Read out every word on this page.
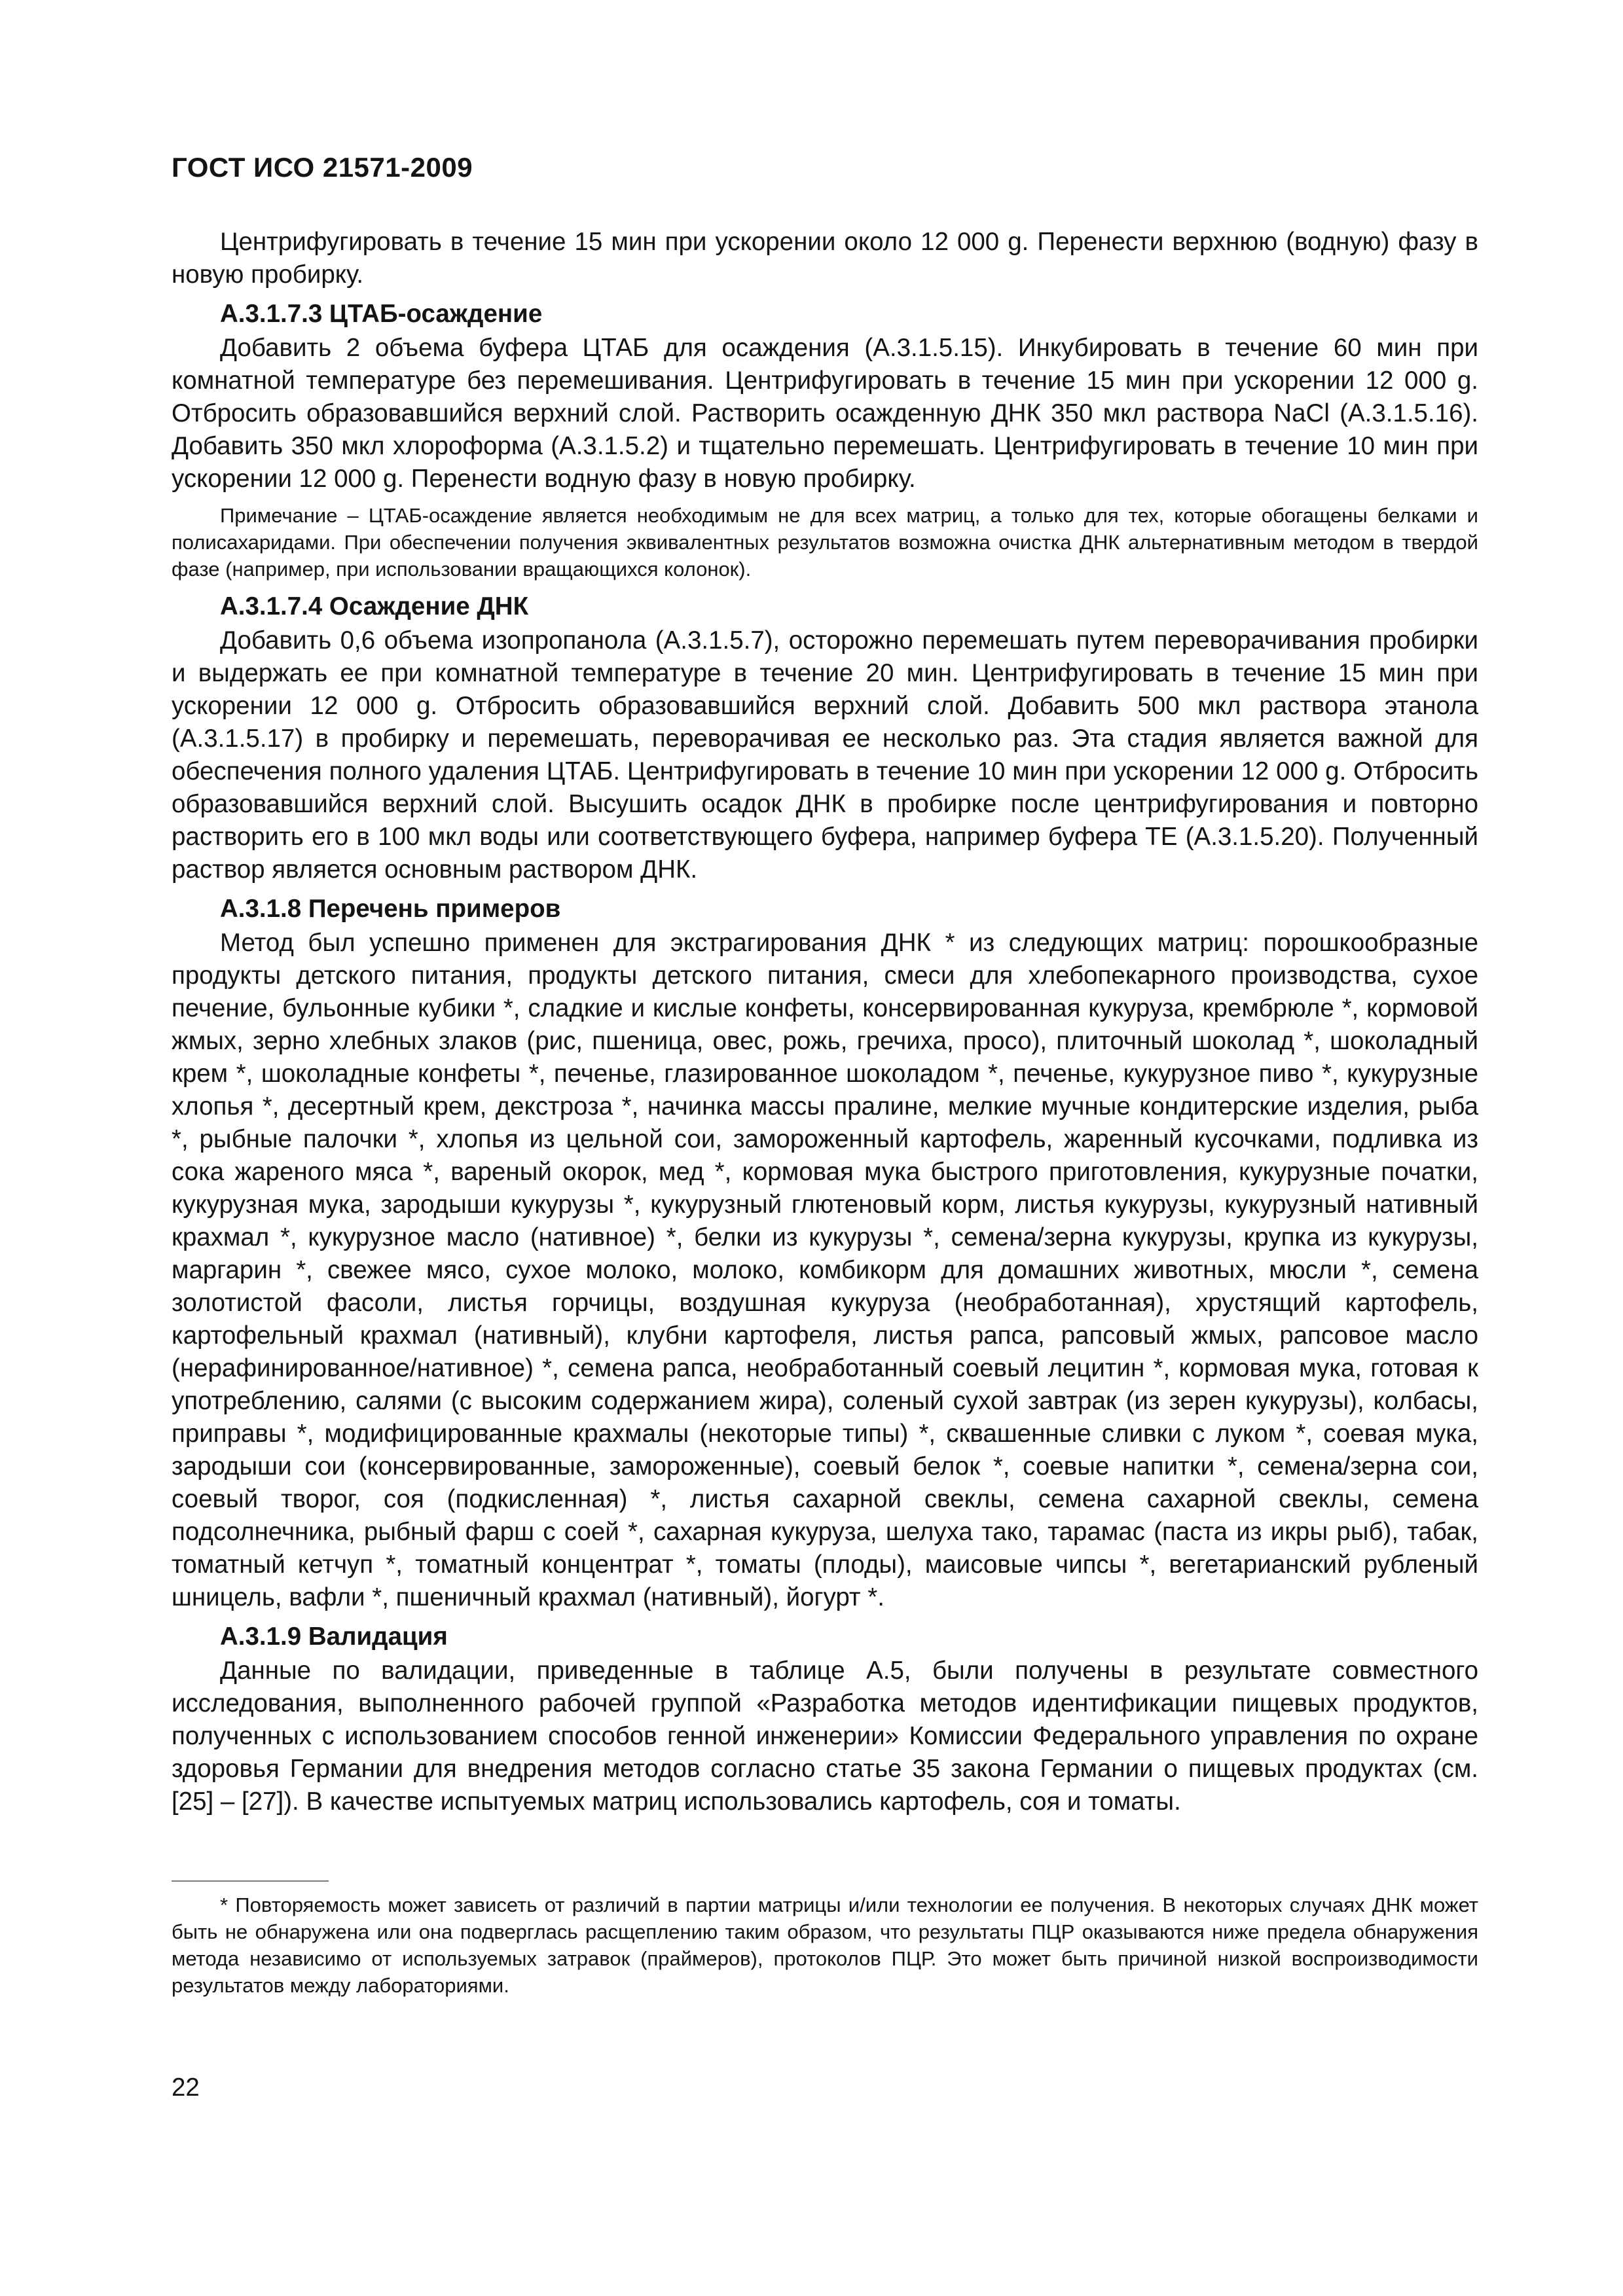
ГОСТ ИСО 21571-2009

Центрифугировать в течение 15 мин при ускорении около 12 000 g. Перенести верхнюю (водную) фазу в новую пробирку.

А.3.1.7.3 ЦТАБ-осаждение

Добавить 2 объема буфера ЦТАБ для осаждения (А.3.1.5.15). Инкубировать в течение 60 мин при комнатной температуре без перемешивания. Центрифугировать в течение 15 мин при ускорении 12 000 g. Отбросить образовавшийся верхний слой. Растворить осажденную ДНК 350 мкл раствора NaCl (А.3.1.5.16). Добавить 350 мкл хлороформа (А.3.1.5.2) и тщательно перемешать. Центрифугировать в течение 10 мин при ускорении 12 000 g. Перенести водную фазу в новую пробирку.

Примечание – ЦТАБ-осаждение является необходимым не для всех матриц, а только для тех, которые обогащены белками и полисахаридами. При обеспечении получения эквивалентных результатов возможна очистка ДНК альтернативным методом в твердой фазе (например, при использовании вращающихся колонок).

А.3.1.7.4 Осаждение ДНК

Добавить 0,6 объема изопропанола (А.3.1.5.7), осторожно перемешать путем переворачивания пробирки и выдержать ее при комнатной температуре в течение 20 мин. Центрифугировать в течение 15 мин при ускорении 12 000 g. Отбросить образовавшийся верхний слой. Добавить 500 мкл раствора этанола (А.3.1.5.17) в пробирку и перемешать, переворачивая ее несколько раз. Эта стадия является важной для обеспечения полного удаления ЦТАБ. Центрифугировать в течение 10 мин при ускорении 12 000 g. Отбросить образовавшийся верхний слой. Высушить осадок ДНК в пробирке после центрифугирования и повторно растворить его в 100 мкл воды или соответствующего буфера, например буфера ТЕ (А.3.1.5.20). Полученный раствор является основным раствором ДНК.

А.3.1.8 Перечень примеров

Метод был успешно применен для экстрагирования ДНК * из следующих матриц: порошкообразные продукты детского питания, продукты детского питания, смеси для хлебопекарного производства, сухое печение, бульонные кубики *, сладкие и кислые конфеты, консервированная кукуруза, крембрюле *, кормовой жмых, зерно хлебных злаков (рис, пшеница, овес, рожь, гречиха, просо), плиточный шоколад *, шоколадный крем *, шоколадные конфеты *, печенье, глазированное шоколадом *, печенье, кукурузное пиво *, кукурузные хлопья *, десертный крем, декстроза *, начинка массы пралине, мелкие мучные кондитерские изделия, рыба *, рыбные палочки *, хлопья из цельной сои, замороженный картофель, жаренный кусочками, подливка из сока жареного мяса *, вареный окорок, мед *, кормовая мука быстрого приготовления, кукурузные початки, кукурузная мука, зародыши кукурузы *, кукурузный глютеновый корм, листья кукурузы, кукурузный нативный крахмал *, кукурузное масло (нативное) *, белки из кукурузы *, семена/зерна кукурузы, крупка из кукурузы, маргарин *, свежее мясо, сухое молоко, молоко, комбикорм для домашних животных, мюсли *, семена золотистой фасоли, листья горчицы, воздушная кукуруза (необработанная), хрустящий картофель, картофельный крахмал (нативный), клубни картофеля, листья рапса, рапсовый жмых, рапсовое масло (нерафинированное/нативное) *, семена рапса, необработанный соевый лецитин *, кормовая мука, готовая к употреблению, салями (с высоким содержанием жира), соленый сухой завтрак (из зерен кукурузы), колбасы, приправы *, модифицированные крахмалы (некоторые типы) *, сквашенные сливки с луком *, соевая мука, зародыши сои (консервированные, замороженные), соевый белок *, соевые напитки *, семена/зерна сои, соевый творог, соя (подкисленная) *, листья сахарной свеклы, семена сахарной свеклы, семена подсолнечника, рыбный фарш с соей *, сахарная кукуруза, шелуха тако, тарамас (паста из икры рыб), табак, томатный кетчуп *, томатный концентрат *, томаты (плоды), маисовые чипсы *, вегетарианский рубленый шницель, вафли *, пшеничный крахмал (нативный), йогурт *.

А.3.1.9 Валидация

Данные по валидации, приведенные в таблице А.5, были получены в результате совместного исследования, выполненного рабочей группой «Разработка методов идентификации пищевых продуктов, полученных с использованием способов генной инженерии» Комиссии Федерального управления по охране здоровья Германии для внедрения методов согласно статье 35 закона Германии о пищевых продуктах (см. [25] – [27]). В качестве испытуемых матриц использовались картофель, соя и томаты.

* Повторяемость может зависеть от различий в партии матрицы и/или технологии ее получения. В некоторых случаях ДНК может быть не обнаружена или она подверглась расщеплению таким образом, что результаты ПЦР оказываются ниже предела обнаружения метода независимо от используемых затравок (праймеров), протоколов ПЦР. Это может быть причиной низкой воспроизводимости результатов между лабораториями.

22
